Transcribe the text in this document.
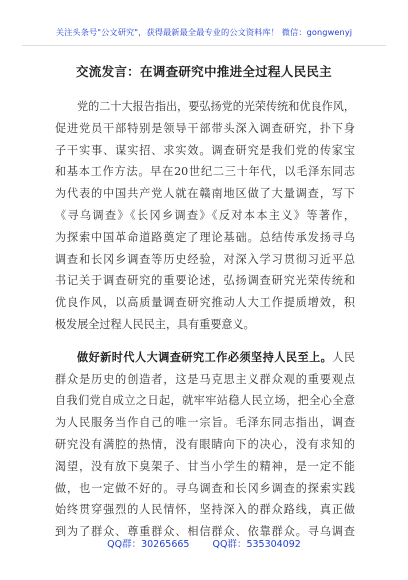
关注头条号"公文研究"，获得最新最全最专业的公文资料库！ 微信：gongwenyj
交流发言：在调查研究中推进全过程人民民主
党的二十大报告指出，要弘扬党的光荣传统和优良作风，
促进党员干部特别是领导干部带头深入调查研究，扑下身
子干实事、谋实招、求实效。调查研究是我们党的传家宝
和基本工作方法。早在20世纪二三十年代，以毛泽东同志
为代表的中国共产党人就在赣南地区做了大量调查，写下
《寻乌调查》《长冈乡调查》《反对本本主义》等著作，
为探索中国革命道路奠定了理论基础。总结传承发扬寻乌
调查和长冈乡调查等历史经验，对深入学习贯彻习近平总
书记关于调查研究的重要论述，弘扬调查研究光荣传统和
优良作风，以高质量调查研究推动人大工作提质增效，积
极发展全过程人民民主，具有重要意义。
做好新时代人大调查研究工作必须坚持人民至上。人民
群众是历史的创造者，这是马克思主义群众观的重要观点
自我们党自成立之日起，就牢牢站稳人民立场，把全心全意
为人民服务当作自己的唯一宗旨。毛泽东同志指出，调查
研究没有满腔的热情，没有眼睛向下的决心，没有求知的
渴望，没有放下臭架子、甘当小学生的精神，是一定不能
做，也一定做不好的。寻乌调查和长冈乡调查的探索实践
始终贯穿强烈的人民情怀，坚持深入的群众路线，真正做
到为了群众、尊重群众、相信群众、依靠群众。寻乌调查
QQ群：30265665 QQ群：535304092
